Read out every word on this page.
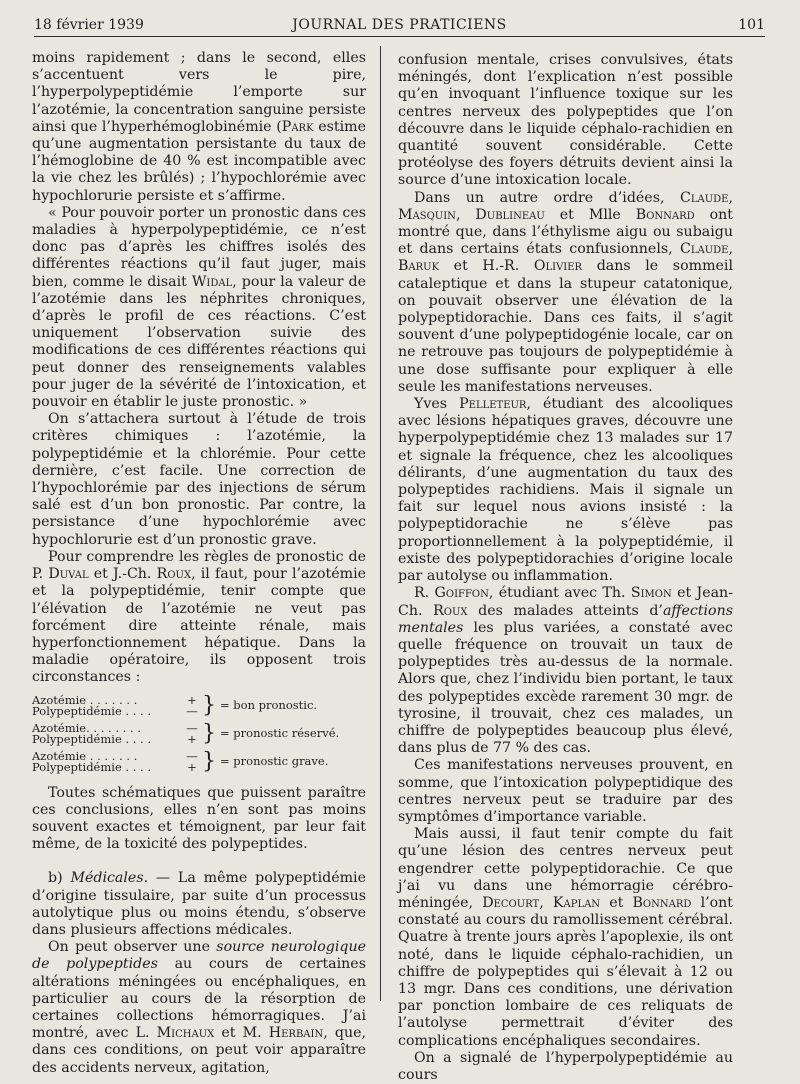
18 février 1939	JOURNAL DES PRATICIENS	101

moins rapidement ; dans le second, elles s’accentuent vers le pire, l’hyperpolypeptidémie l’emporte sur l’azotémie, la concentration sanguine persiste ainsi que l’hyperhémoglobinémie (Park estime qu’une augmentation persistante du taux de l’hémoglobine de 40 % est incompatible avec la vie chez les brûlés) ; l’hypochlorémie avec hypochlorurie persiste et s’affirme.

« Pour pouvoir porter un pronostic dans ces maladies à hyperpolypeptidémie, ce n’est donc pas d’après les chiffres isolés des différentes réactions qu’il faut juger, mais bien, comme le disait Widal, pour la valeur de l’azotémie dans les néphrites chroniques, d’après le profil de ces réactions. C’est uniquement l’observation suivie des modifications de ces différentes réactions qui peut donner des renseignements valables pour juger de la sévérité de l’intoxication, et pouvoir en établir le juste pronostic. »

On s’attachera surtout à l’étude de trois critères chimiques : l’azotémie, la polypeptidémie et la chlorémie. Pour cette dernière, c’est facile. Une correction de l’hypochlorémie par des injections de sérum salé est d’un bon pronostic. Par contre, la persistance d’une hypochlorémie avec hypochlorurie est d’un pronostic grave.

Pour comprendre les règles de pronostic de P. Duval et J.-Ch. Roux, il faut, pour l’azotémie et la polypeptidémie, tenir compte que l’élévation de l’azotémie ne veut pas forcément dire atteinte rénale, mais hyperfonctionnement hépatique. Dans la maladie opératoire, ils opposent trois circonstances :

Azotémie . . . . . . .
Polypeptidémie . . . .
+
— } = bon pronostic.
Azotémie. . . . . . . .
Polypeptidémie . . . .
—
+ } = pronostic réservé.
Azotémie . . . . . . .
Polypeptidémie . . . .
—
+ } = pronostic grave.

Toutes schématiques que puissent paraître ces conclusions, elles n’en sont pas moins souvent exactes et témoignent, par leur fait même, de la toxicité des polypeptides.

b) Médicales. — La même polypeptidémie d’origine tissulaire, par suite d’un processus autolytique plus ou moins étendu, s’observe dans plusieurs affections médicales.

On peut observer une source neurologique de polypeptides au cours de certaines altérations méningées ou encéphaliques, en particulier au cours de la résorption de certaines collections hémorragiques. J’ai montré, avec L. Michaux et M. Herbain, que, dans ces conditions, on peut voir apparaître des accidents nerveux, agitation,

confusion mentale, crises convulsives, états méningés, dont l’explication n’est possible qu’en invoquant l’influence toxique sur les centres nerveux des polypeptides que l’on découvre dans le liquide céphalo-rachidien en quantité souvent considérable. Cette protéolyse des foyers détruits devient ainsi la source d’une intoxication locale.

Dans un autre ordre d’idées, Claude, Masquin, Dublineau et Mlle Bonnard ont montré que, dans l’éthylisme aigu ou subaigu et dans certains états confusionnels, Claude, Baruk et H.-R. Olivier dans le sommeil cataleptique et dans la stupeur catatonique, on pouvait observer une élévation de la polypeptidorachie. Dans ces faits, il s’agit souvent d’une polypeptidogénie locale, car on ne retrouve pas toujours de polypeptidémie à une dose suffisante pour expliquer à elle seule les manifestations nerveuses.

Yves Pelleteur, étudiant des alcooliques avec lésions hépatiques graves, découvre une hyperpolypeptidémie chez 13 malades sur 17 et signale la fréquence, chez les alcooliques délirants, d’une augmentation du taux des polypeptides rachidiens. Mais il signale un fait sur lequel nous avions insisté : la polypeptidorachie ne s’élève pas proportionnellement à la polypeptidémie, il existe des polypeptidorachies d’origine locale par autolyse ou inflammation.

R. Goiffon, étudiant avec Th. Simon et Jean-Ch. Roux des malades atteints d’affections mentales les plus variées, a constaté avec quelle fréquence on trouvait un taux de polypeptides très au-dessus de la normale. Alors que, chez l’individu bien portant, le taux des polypeptides excède rarement 30 mgr. de tyrosine, il trouvait, chez ces malades, un chiffre de polypeptides beaucoup plus élevé, dans plus de 77 % des cas.

Ces manifestations nerveuses prouvent, en somme, que l’intoxication polypeptidique des centres nerveux peut se traduire par des symptômes d’importance variable.

Mais aussi, il faut tenir compte du fait qu’une lésion des centres nerveux peut engendrer cette polypeptidorachie. Ce que j’ai vu dans une hémorragie cérébro-méningée, Decourt, Kaplan et Bonnard l’ont constaté au cours du ramollissement cérébral. Quatre à trente jours après l’apoplexie, ils ont noté, dans le liquide céphalo-rachidien, un chiffre de polypeptides qui s’élevait à 12 ou 13 mgr. Dans ces conditions, une dérivation par ponction lombaire de ces reliquats de l’autolyse permettrait d’éviter des complications encéphaliques secondaires.

On a signalé de l’hyperpolypeptidémie au cours
